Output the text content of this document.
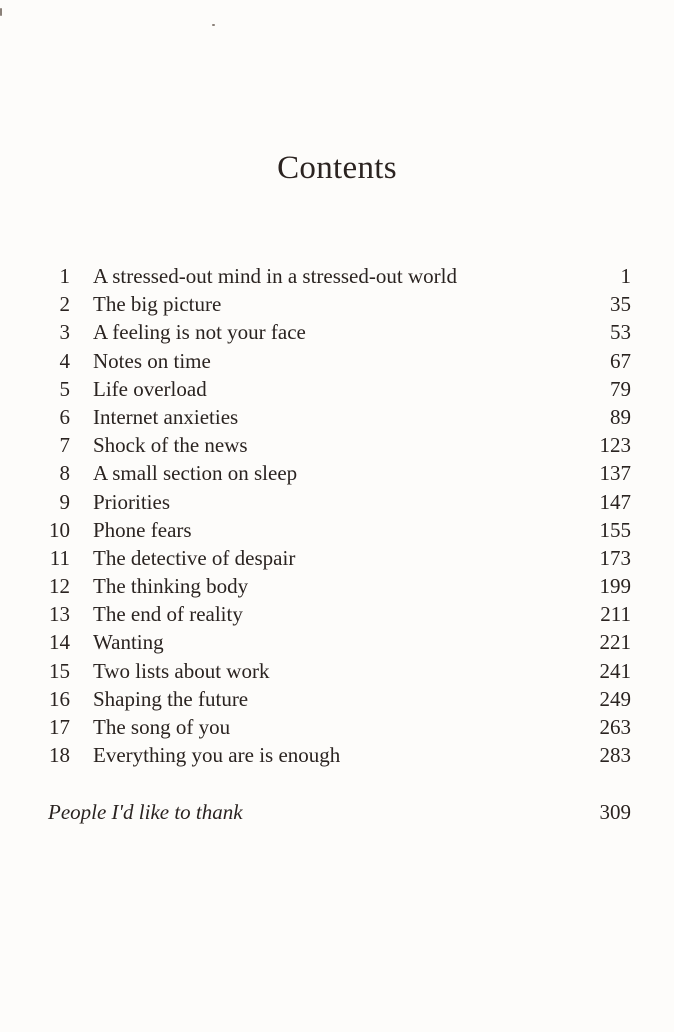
Contents
1 A stressed-out mind in a stressed-out world	1
2 The big picture	35
3 A feeling is not your face	53
4 Notes on time	67
5 Life overload	79
6 Internet anxieties	89
7 Shock of the news	123
8 A small section on sleep	137
9 Priorities	147
10 Phone fears	155
11 The detective of despair	173
12 The thinking body	199
13 The end of reality	211
14 Wanting	221
15 Two lists about work	241
16 Shaping the future	249
17 The song of you	263
18 Everything you are is enough	283
People I'd like to thank	309
